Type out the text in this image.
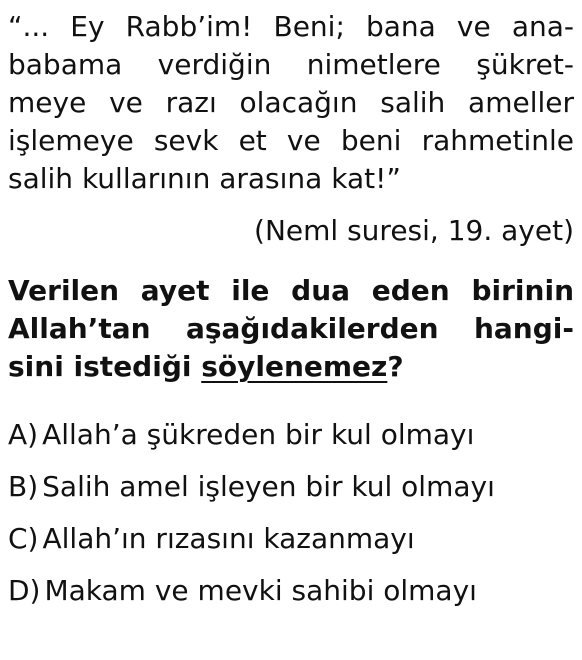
“... Ey Rabb’im! Beni; bana ve ana-
babama verdiğin nimetlere şükret-
meye ve razı olacağın salih ameller
işlemeye sevk et ve beni rahmetinle
salih kullarının arasına kat!”
(Neml suresi, 19. ayet)
Verilen ayet ile dua eden birinin
Allah’tan aşağıdakilerden hangi-
sini istediği söylenemez?
A) Allah’a şükreden bir kul olmayı
B) Salih amel işleyen bir kul olmayı
C) Allah’ın rızasını kazanmayı
D) Makam ve mevki sahibi olmayı
